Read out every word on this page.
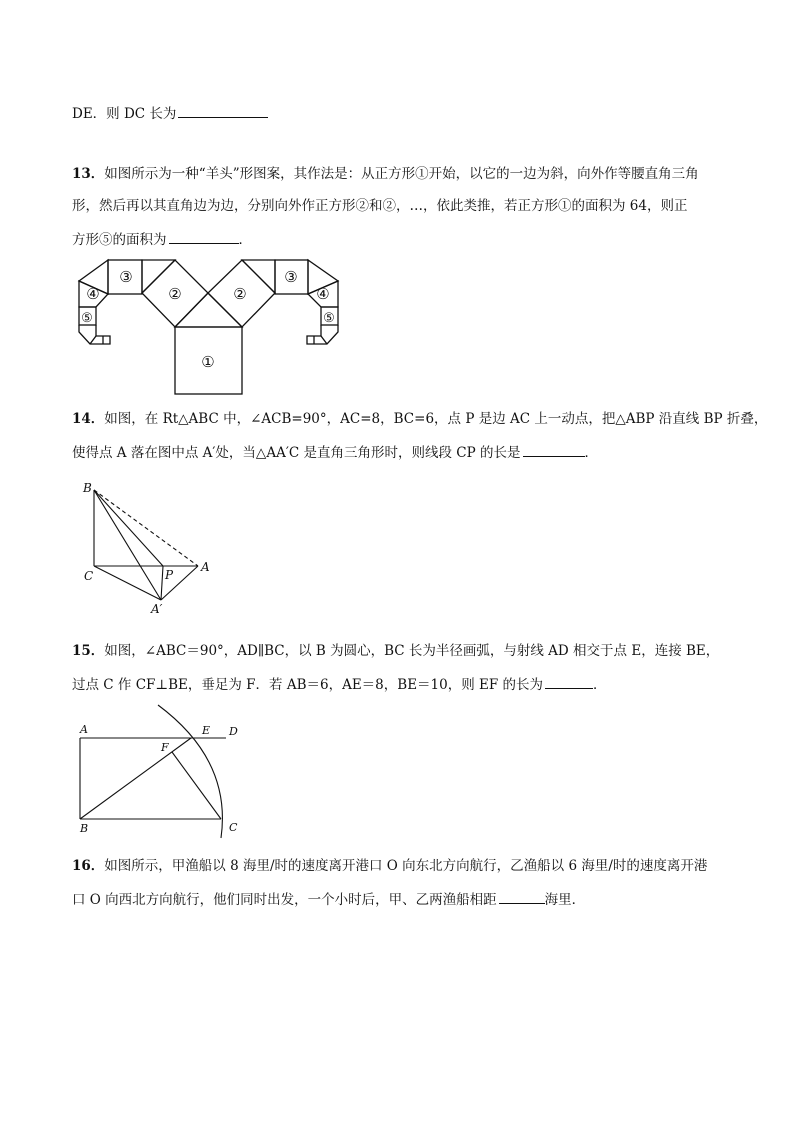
DE．则 DC 长为
13．如图所示为一种“羊头”形图案，其作法是：从正方形①开始，以它的一边为斜，向外作等腰直角三角
形，然后再以其直角边为边，分别向外作正方形②和②，…，依此类推，若正方形①的面积为 64，则正
方形⑤的面积为	．
①
②	②
③	③
④	④
⑤	⑤
14．如图，在 Rt△ABC 中，∠ACB=90°，AC=8，BC=6，点 P 是边 AC 上一动点，把△ABP 沿直线 BP 折叠，
使得点 A 落在图中点 A′处，当△AA′C 是直角三角形时，则线段 CP 的长是	．
B
C	P
A
A′
15．如图，∠ABC＝90°，AD∥BC，以 B 为圆心，BC 长为半径画弧，与射线 AD 相交于点 E，连接 BE，
过点 C 作 CF⊥BE，垂足为 F．若 AB＝6，AE＝8，BE＝10，则 EF 的长为	．
A	E D
F
B	C
16．如图所示，甲渔船以 8 海里/时的速度离开港口 O 向东北方向航行，乙渔船以 6 海里/时的速度离开港
口 O 向西北方向航行，他们同时出发，一个小时后，甲、乙两渔船相距	海里．
